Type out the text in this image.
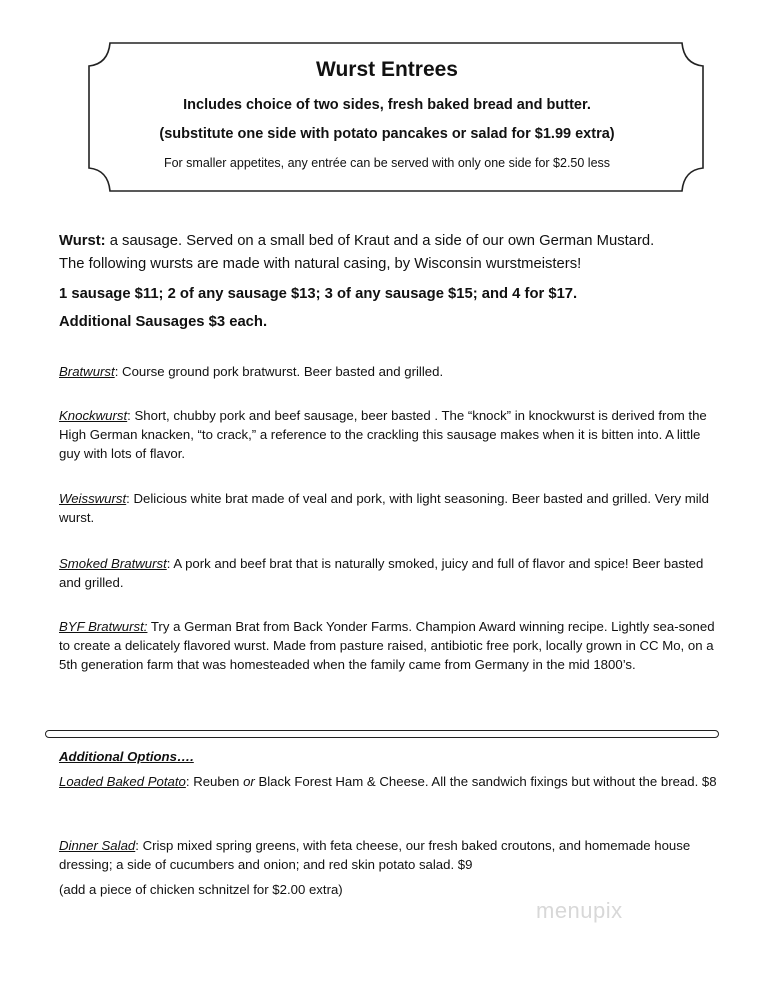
Wurst Entrees
Includes choice of two sides, fresh baked bread and butter.
(substitute one side with potato pancakes or salad for $1.99 extra)
For smaller appetites, any entrée can be served with only one side for $2.50 less
Wurst: a sausage. Served on a small bed of Kraut and a side of our own German Mustard.
The following wursts are made with natural casing, by Wisconsin wurstmeisters!
1 sausage $11; 2 of any sausage $13; 3 of any sausage $15; and 4 for $17.
Additional Sausages $3 each.
Bratwurst: Course ground pork bratwurst. Beer basted and grilled.
Knockwurst: Short, chubby pork and beef sausage, beer basted . The “knock” in knockwurst is derived from the High German knacken, “to crack,” a reference to the crackling this sausage makes when it is bitten into. A little guy with lots of flavor.
Weisswurst: Delicious white brat made of veal and pork, with light seasoning. Beer basted and grilled. Very mild wurst.
Smoked Bratwurst: A pork and beef brat that is naturally smoked, juicy and full of flavor and spice! Beer basted and grilled.
BYF Bratwurst: Try a German Brat from Back Yonder Farms. Champion Award winning recipe. Lightly sea-soned to create a delicately flavored wurst. Made from pasture raised, antibiotic free pork, locally grown in CC Mo, on a 5th generation farm that was homesteaded when the family came from Germany in the mid 1800’s.
Additional Options….
Loaded Baked Potato: Reuben or Black Forest Ham & Cheese. All the sandwich fixings but without the bread. $8
Dinner Salad: Crisp mixed spring greens, with feta cheese, our fresh baked croutons, and homemade house dressing; a side of cucumbers and onion; and red skin potato salad. $9
(add a piece of chicken schnitzel for $2.00 extra)
menupix
